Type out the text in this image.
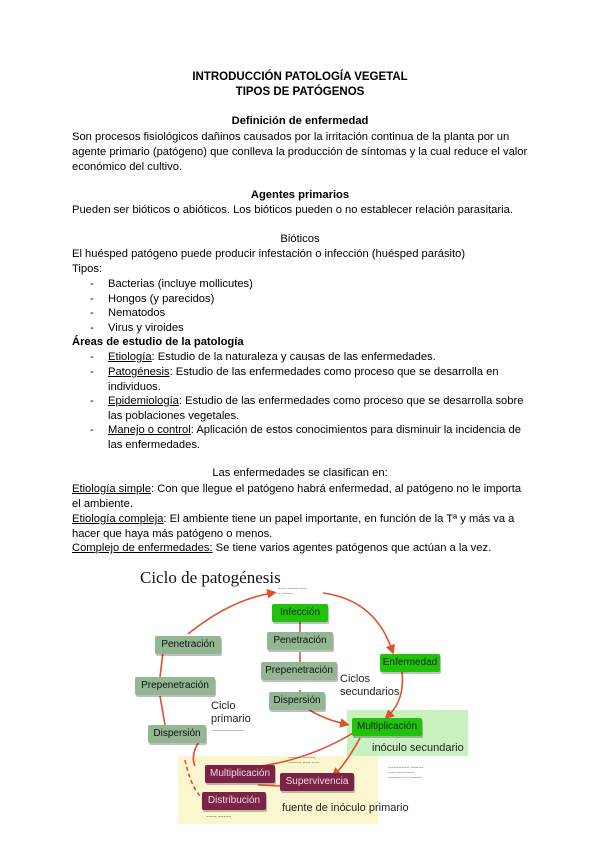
INTRODUCCIÓN PATOLOGÍA VEGETAL
TIPOS DE PATÓGENOS
Definición de enfermedad
Son procesos fisiológicos dañinos causados por la irritación continua de la planta por un
agente primario (patógeno) que conlleva la producción de síntomas y la cual reduce el valor
económico del cultivo.
Agentes primarios
Pueden ser bióticos o abióticos. Los bióticos pueden o no establecer relación parasitaria.
Bióticos
El huésped patógeno puede producir infestación o infección (huésped parásito)
Tipos:
- Bacterias (incluye mollicutes)
- Hongos (y parecidos)
- Nematodos
- Virus y viroides
Áreas de estudio de la patología
- Etiología: Estudio de la naturaleza y causas de las enfermedades.
- Patogénesis: Estudio de las enfermedades como proceso que se desarrolla en
individuos.
- Epidemiología: Estudio de las enfermedades como proceso que se desarrolla sobre
las poblaciones vegetales.
- Manejo o control: Aplicación de estos conocimientos para disminuir la incidencia de
las enfermedades.
Las enfermedades se clasifican en:
Etiología simple: Con que llegue el patógeno habrá enfermedad, al patógeno no le importa
el ambiente.
Etiología compleja: El ambiente tiene un papel importante, en función de la Tª y más va a
hacer que haya más patógeno o menos.
Complejo de enfermedades: Se tiene varios agentes patógenos que actúan a la vez.
Ciclo de patogénesis
~~~ ~~~~ ~~~
~ ~~~~
Infección
Enfermedad
Multiplicación
Penetración
Prepenetración
Dispersión
Penetración
Prepenetración
Dispersión
Ciclos
secundarios
Ciclo
primario
~~~~~~~~~~~~
inóculo secundario
Multiplicación
Supervivencia
Distribución
~~~~~ ~~~~~
~~~~~ ~~~ ~~~
~~~~~~~~ ~~~~~
~~~ ~~~ ~~~
~~~~~ ~~ ~~~~~
fuente de inóculo primario
~~~~ ~~~~~
